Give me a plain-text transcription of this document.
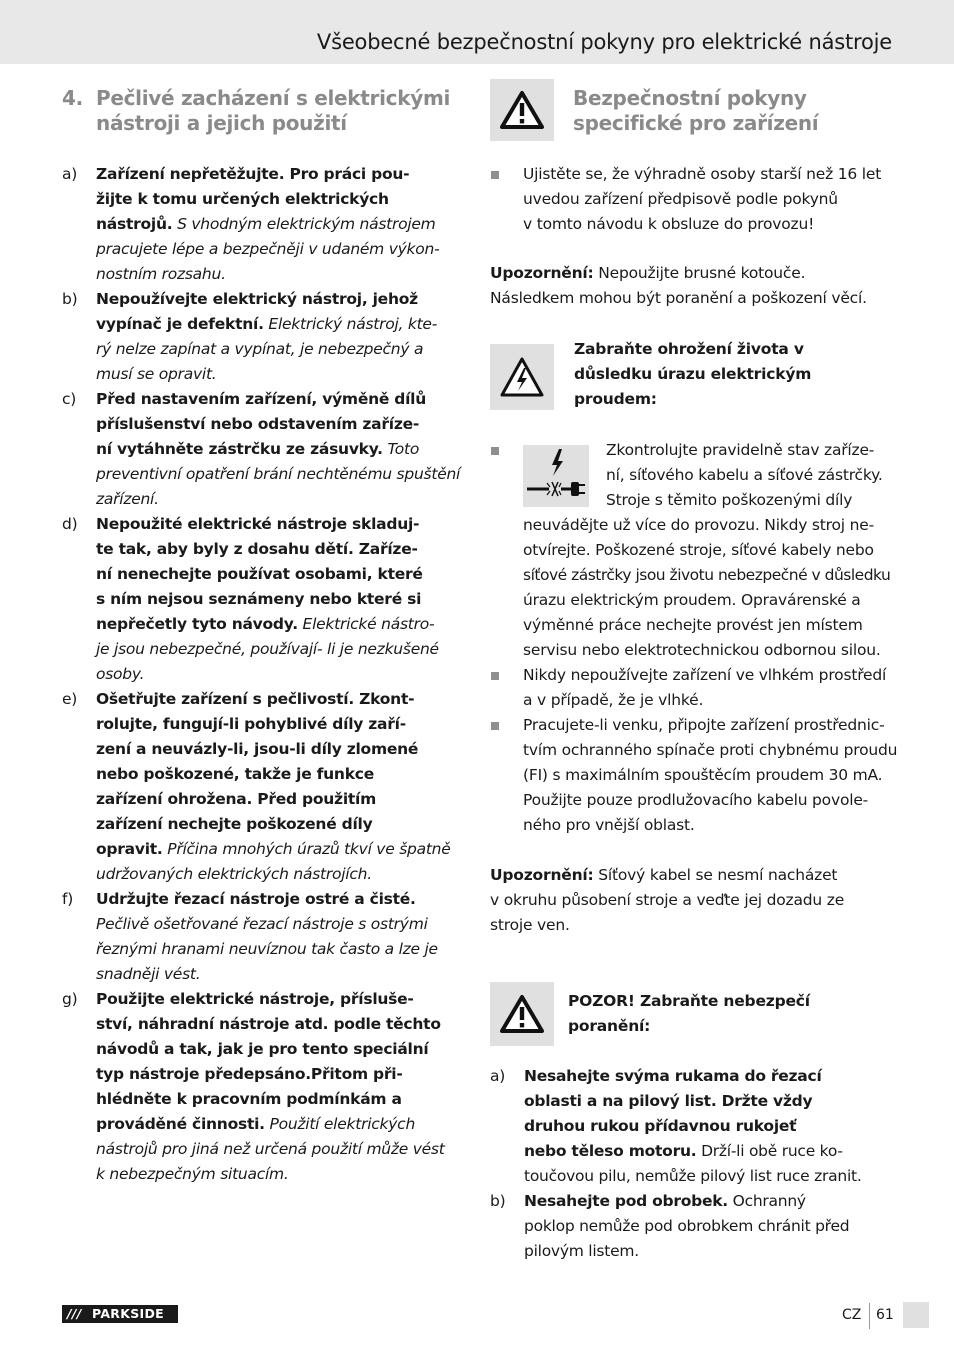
Všeobecné bezpečnostní pokyny pro elektrické nástroje
4. Pečlivé zacházení s elektrickými
nástroji a jejich použití
a) Zařízení nepřetěžujte. Pro práci pou-
žijte k tomu určených elektrických
nástrojů. S vhodným elektrickým nástrojem
pracujete lépe a bezpečněji v udaném výkon-
nostním rozsahu.
b) Nepoužívejte elektrický nástroj, jehož
vypínač je defektní. Elektrický nástroj, kte-
rý nelze zapínat a vypínat, je nebezpečný a
musí se opravit.
c) Před nastavením zařízení, výměně dílů
příslušenství nebo odstavením zaříze-
ní vytáhněte zástrčku ze zásuvky. Toto
preventivní opatření brání nechtěnému spuštění
zařízení.
d) Nepoužité elektrické nástroje skladuj-
te tak, aby byly z dosahu dětí. Zaříze-
ní nenechejte používat osobami, které
s ním nejsou seznámeny nebo které si
nepřečetly tyto návody. Elektrické nástro-
je jsou nebezpečné, používají- li je nezkušené
osoby.
e) Ošetřujte zařízení s pečlivostí. Zkont-
rolujte, fungují-li pohyblivé díly zaří-
zení a neuvázly-li, jsou-li díly zlomené
nebo poškozené, takže je funkce
zařízení ohrožena. Před použitím
zařízení nechejte poškozené díly
opravit. Příčina mnohých úrazů tkví ve špatně
udržovaných elektrických nástrojích.
f) Udržujte řezací nástroje ostré a čisté.
Pečlivě ošetřované řezací nástroje s ostrými
řeznými hranami neuvíznou tak často a lze je
snadněji vést.
g) Použijte elektrické nástroje, přísluše-
ství, náhradní nástroje atd. podle těchto
návodů a tak, jak je pro tento speciální
typ nástroje předepsáno.Přitom při-
hlédněte k pracovním podmínkám a
prováděné činnosti. Použití elektrických
nástrojů pro jiná než určená použití může vést
k nebezpečným situacím.
Bezpečnostní pokyny
specifické pro zařízení
Ujistěte se, že výhradně osoby starší než 16 let
uvedou zařízení předpisově podle pokynů
v tomto návodu k obsluze do provozu!
Upozornění: Nepoužijte brusné kotouče.
Následkem mohou být poranění a poškození věcí.
Zabraňte ohrožení života v
důsledku úrazu elektrickým
proudem:
Zkontrolujte pravidelně stav zaříze-
ní, síťového kabelu a síťové zástrčky.
Stroje s těmito poškozenými díly
neuvádějte už více do provozu. Nikdy stroj ne-
otvírejte. Poškozené stroje, síťové kabely nebo
síťové zástrčky jsou životu nebezpečné v důsledku
úrazu elektrickým proudem. Opravárenské a
výměnné práce nechejte provést jen místem
servisu nebo elektrotechnickou odbornou silou.
Nikdy nepoužívejte zařízení ve vlhkém prostředí
a v případě, že je vlhké.
Pracujete-li venku, připojte zařízení prostřednic-
tvím ochranného spínače proti chybnému proudu
(FI) s maximálním spouštěcím proudem 30 mA.
Použijte pouze prodlužovacího kabelu povole-
ného pro vnější oblast.
Upozornění: Síťový kabel se nesmí nacházet
v okruhu působení stroje a veďte jej dozadu ze
stroje ven.
POZOR! Zabraňte nebezpečí
poranění:
a) Nesahejte svýma rukama do řezací
oblasti a na pilový list. Držte vždy
druhou rukou přídavnou rukojeť
nebo těleso motoru. Drží-li obě ruce ko-
toučovou pilu, nemůže pilový list ruce zranit.
b) Nesahejte pod obrobek. Ochranný
poklop nemůže pod obrobkem chránit před
pilovým listem.
/// PARKSIDE	CZ 61
